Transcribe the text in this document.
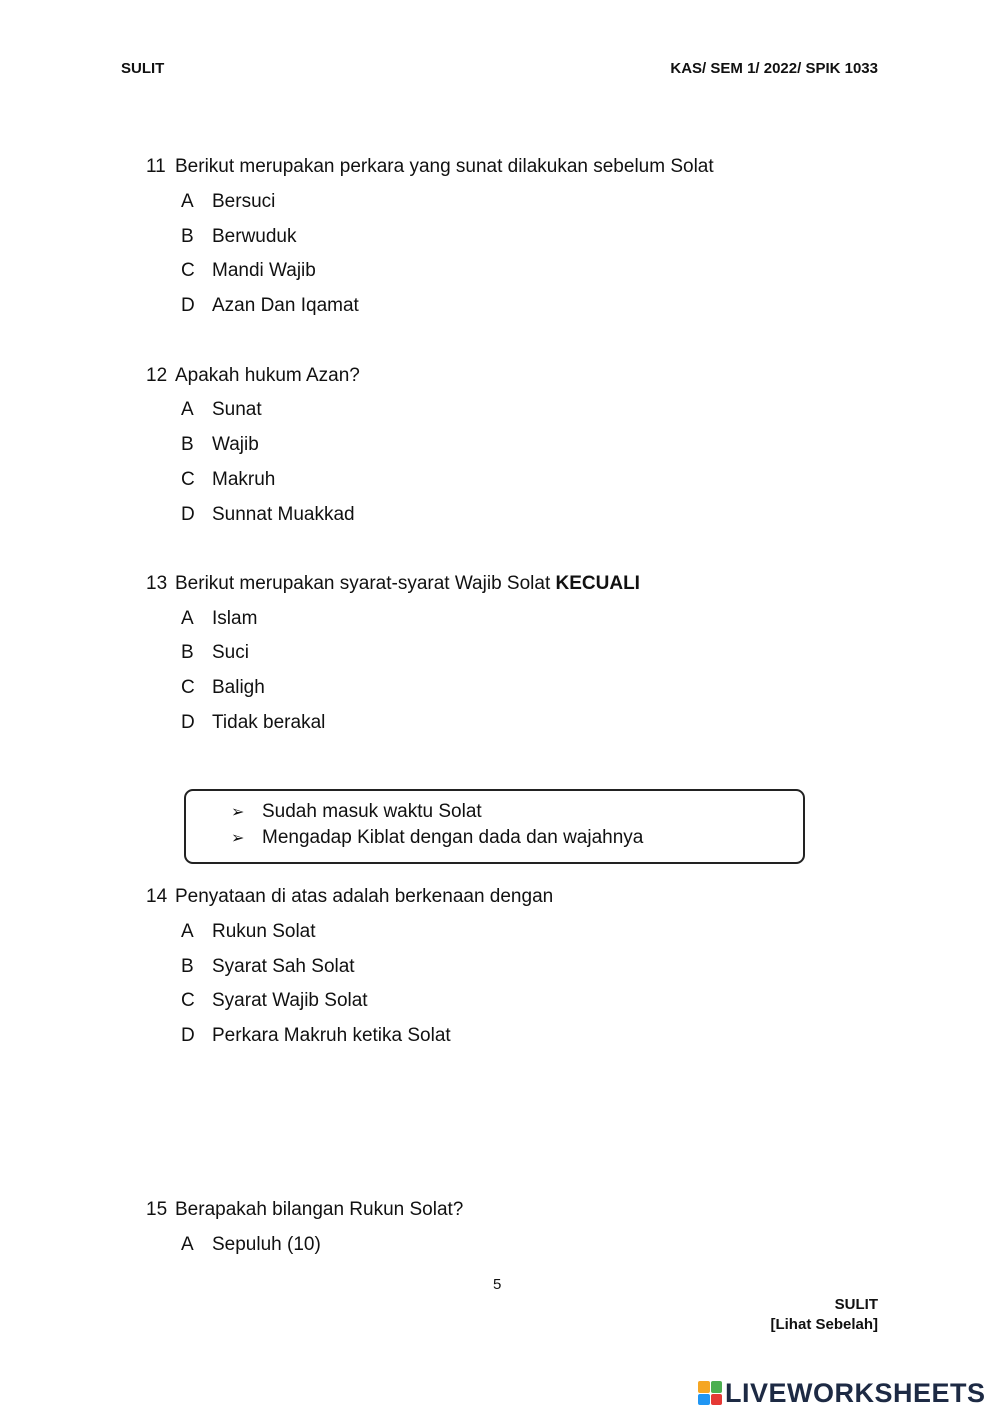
SULIT	KAS/ SEM 1/ 2022/ SPIK 1033
11 Berikut merupakan perkara yang sunat dilakukan sebelum Solat
A Bersuci
B Berwuduk
C Mandi Wajib
D Azan Dan Iqamat
12 Apakah hukum Azan?
A Sunat
B Wajib
C Makruh
D Sunnat Muakkad
13 Berikut merupakan syarat-syarat Wajib Solat KECUALI
A Islam
B Suci
C Baligh
D Tidak berakal
➢ Sudah masuk waktu Solat
➢ Mengadap Kiblat dengan dada dan wajahnya
14 Penyataan di atas adalah berkenaan dengan
A Rukun Solat
B Syarat Sah Solat
C Syarat Wajib Solat
D Perkara Makruh ketika Solat
15 Berapakah bilangan Rukun Solat?
A Sepuluh (10)
5
SULIT
[Lihat Sebelah]
LIVEWORKSHEETS
